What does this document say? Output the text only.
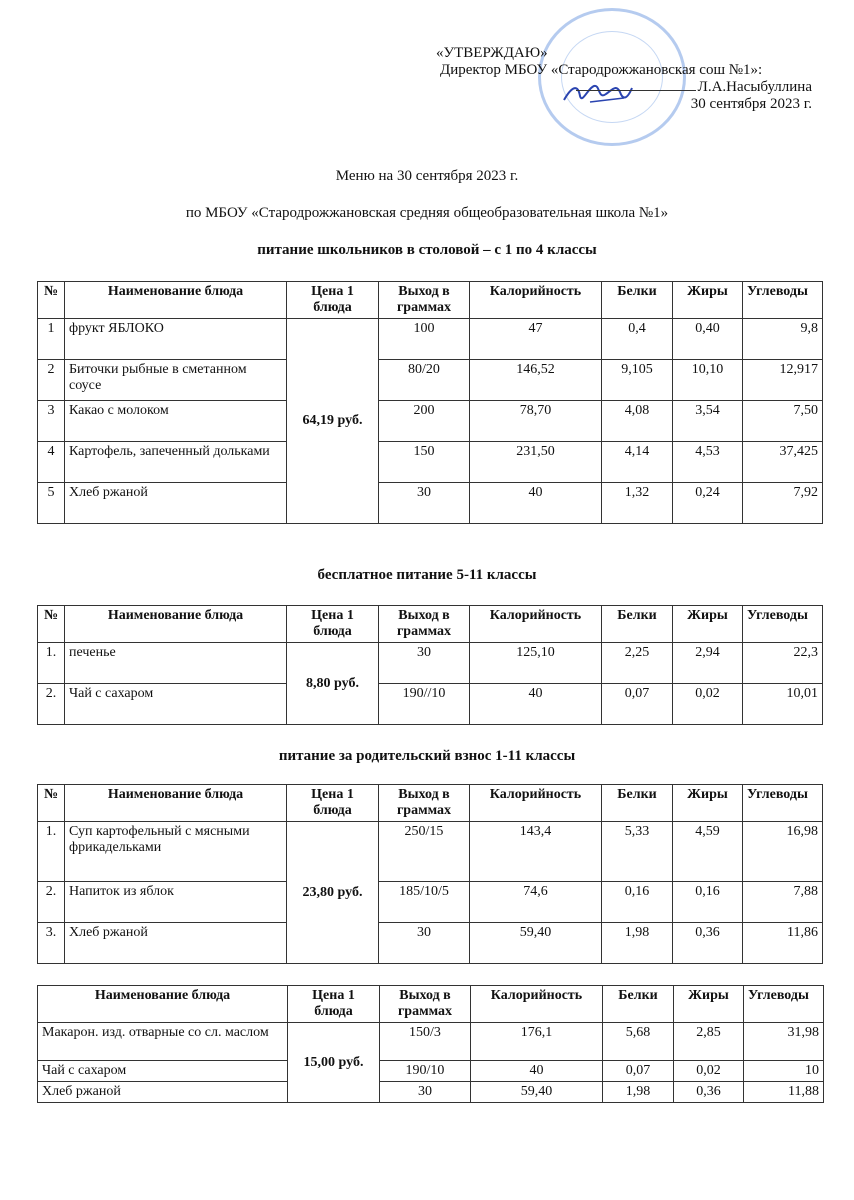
«УТВЕРЖДАЮ»
Директор МБОУ «Стародрожжановская сош №1»:
Л.А.Насыбуллина
30 сентября 2023 г.
Меню на 30 сентября 2023 г.
по МБОУ «Стародрожжановская средняя общеобразовательная школа №1»
питание школьников в столовой – с 1 по 4 классы
№	Наименование блюда	Цена 1 блюда	Выход в граммах	Калорийность	Белки	Жиры	Углеводы
1	фрукт ЯБЛОКО	64,19 руб.	100	47	0,4	0,40	9,8
2	Биточки рыбные в сметанном соусе		80/20	146,52	9,105	10,10	12,917
3	Какао с молоком		200	78,70	4,08	3,54	7,50
4	Картофель, запеченный дольками		150	231,50	4,14	4,53	37,425
5	Хлеб ржаной		30	40	1,32	0,24	7,92
бесплатное питание 5-11 классы
№	Наименование блюда	Цена 1 блюда	Выход в граммах	Калорийность	Белки	Жиры	Углеводы
1.	печенье	8,80 руб.	30	125,10	2,25	2,94	22,3
2.	Чай с сахаром		190//10	40	0,07	0,02	10,01
питание за родительский взнос 1-11 классы
№	Наименование блюда	Цена 1 блюда	Выход в граммах	Калорийность	Белки	Жиры	Углеводы
1.	Суп картофельный с мясными фрикадельками	23,80 руб.	250/15	143,4	5,33	4,59	16,98
2.	Напиток из яблок		185/10/5	74,6	0,16	0,16	7,88
3.	Хлеб ржаной		30	59,40	1,98	0,36	11,86
Наименование блюда	Цена 1 блюда	Выход в граммах	Калорийность	Белки	Жиры	Углеводы
Макарон. изд. отварные со сл. маслом	15,00 руб.	150/3	176,1	5,68	2,85	31,98
Чай с сахаром		190/10	40	0,07	0,02	10
Хлеб ржаной		30	59,40	1,98	0,36	11,88
